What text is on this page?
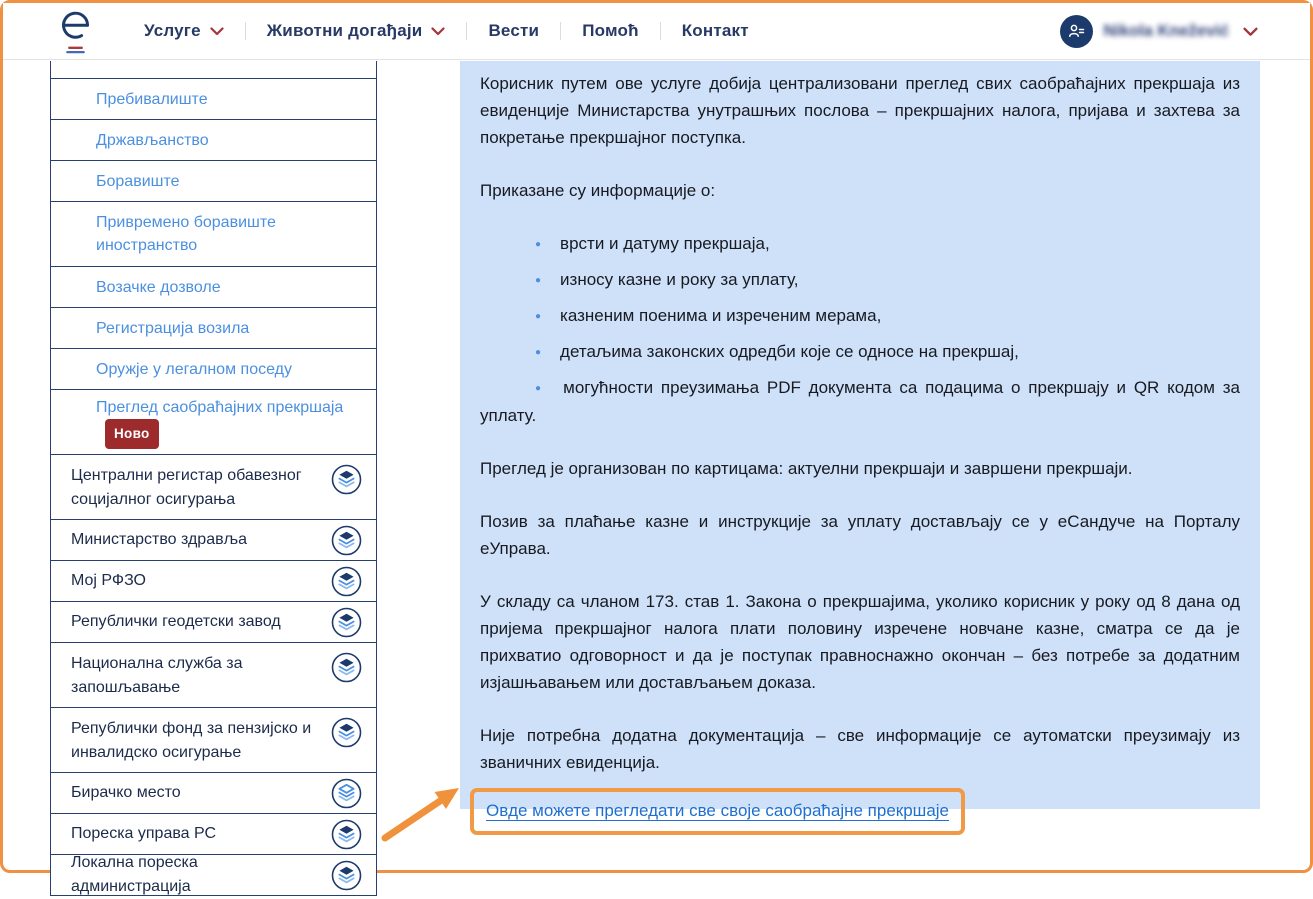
Услуге	Животни догађаји	Вести	Помоћ	Контакт	Nikola Knežević
Пребивалиште
Држављанство
Боравиште
Привремено боравиште иностранство
Возачке дозволе
Регистрација возила
Оружје у легалном поседу
Преглед саобраћајних прекршајаНово
Централни регистар обавезног социјалног осигурања
Министарство здравља
Мој РФЗО
Републички геодетски завод
Национална служба за запошљавање
Републички фонд за пензијско и инвалидско осигурање
Бирачко место
Пореска управа РС
Локална пореска администрација

Корисник путем ове услуге добија централизовани преглед свих саобраћајних прекршаја из евиденције Министарства унутрашњих послова – прекршајних налога, пријава и захтева за покретање прекршајног поступка.

Приказане су информације о:

● врсти и датуму прекршаја,
● износу казне и року за уплату,
● казненим поенима и изреченим мерама,
● детаљима законских одредби које се односе на прекршај,
● могућности преузимања PDF документа са подацима о прекршају и QR кодом за уплату.

Преглед је организован по картицама: актуелни прекршаји и завршени прекршаји.

Позив за плаћање казне и инструкције за уплату достављају се у еСандуче на Порталу еУправа.

У складу са чланом 173. став 1. Закона о прекршајима, уколико корисник у року од 8 дана од пријема прекршајног налога плати половину изречене новчане казне, сматра се да је прихватио одговорност и да је поступак правноснажно окончан – без потребе за додатним изјашњавањем или достављањем доказа.

Није потребна додатна документација – све информације се аутоматски преузимају из званичних евиденција.

Овде можете прегледати све своје саобраћајне прекршаје
